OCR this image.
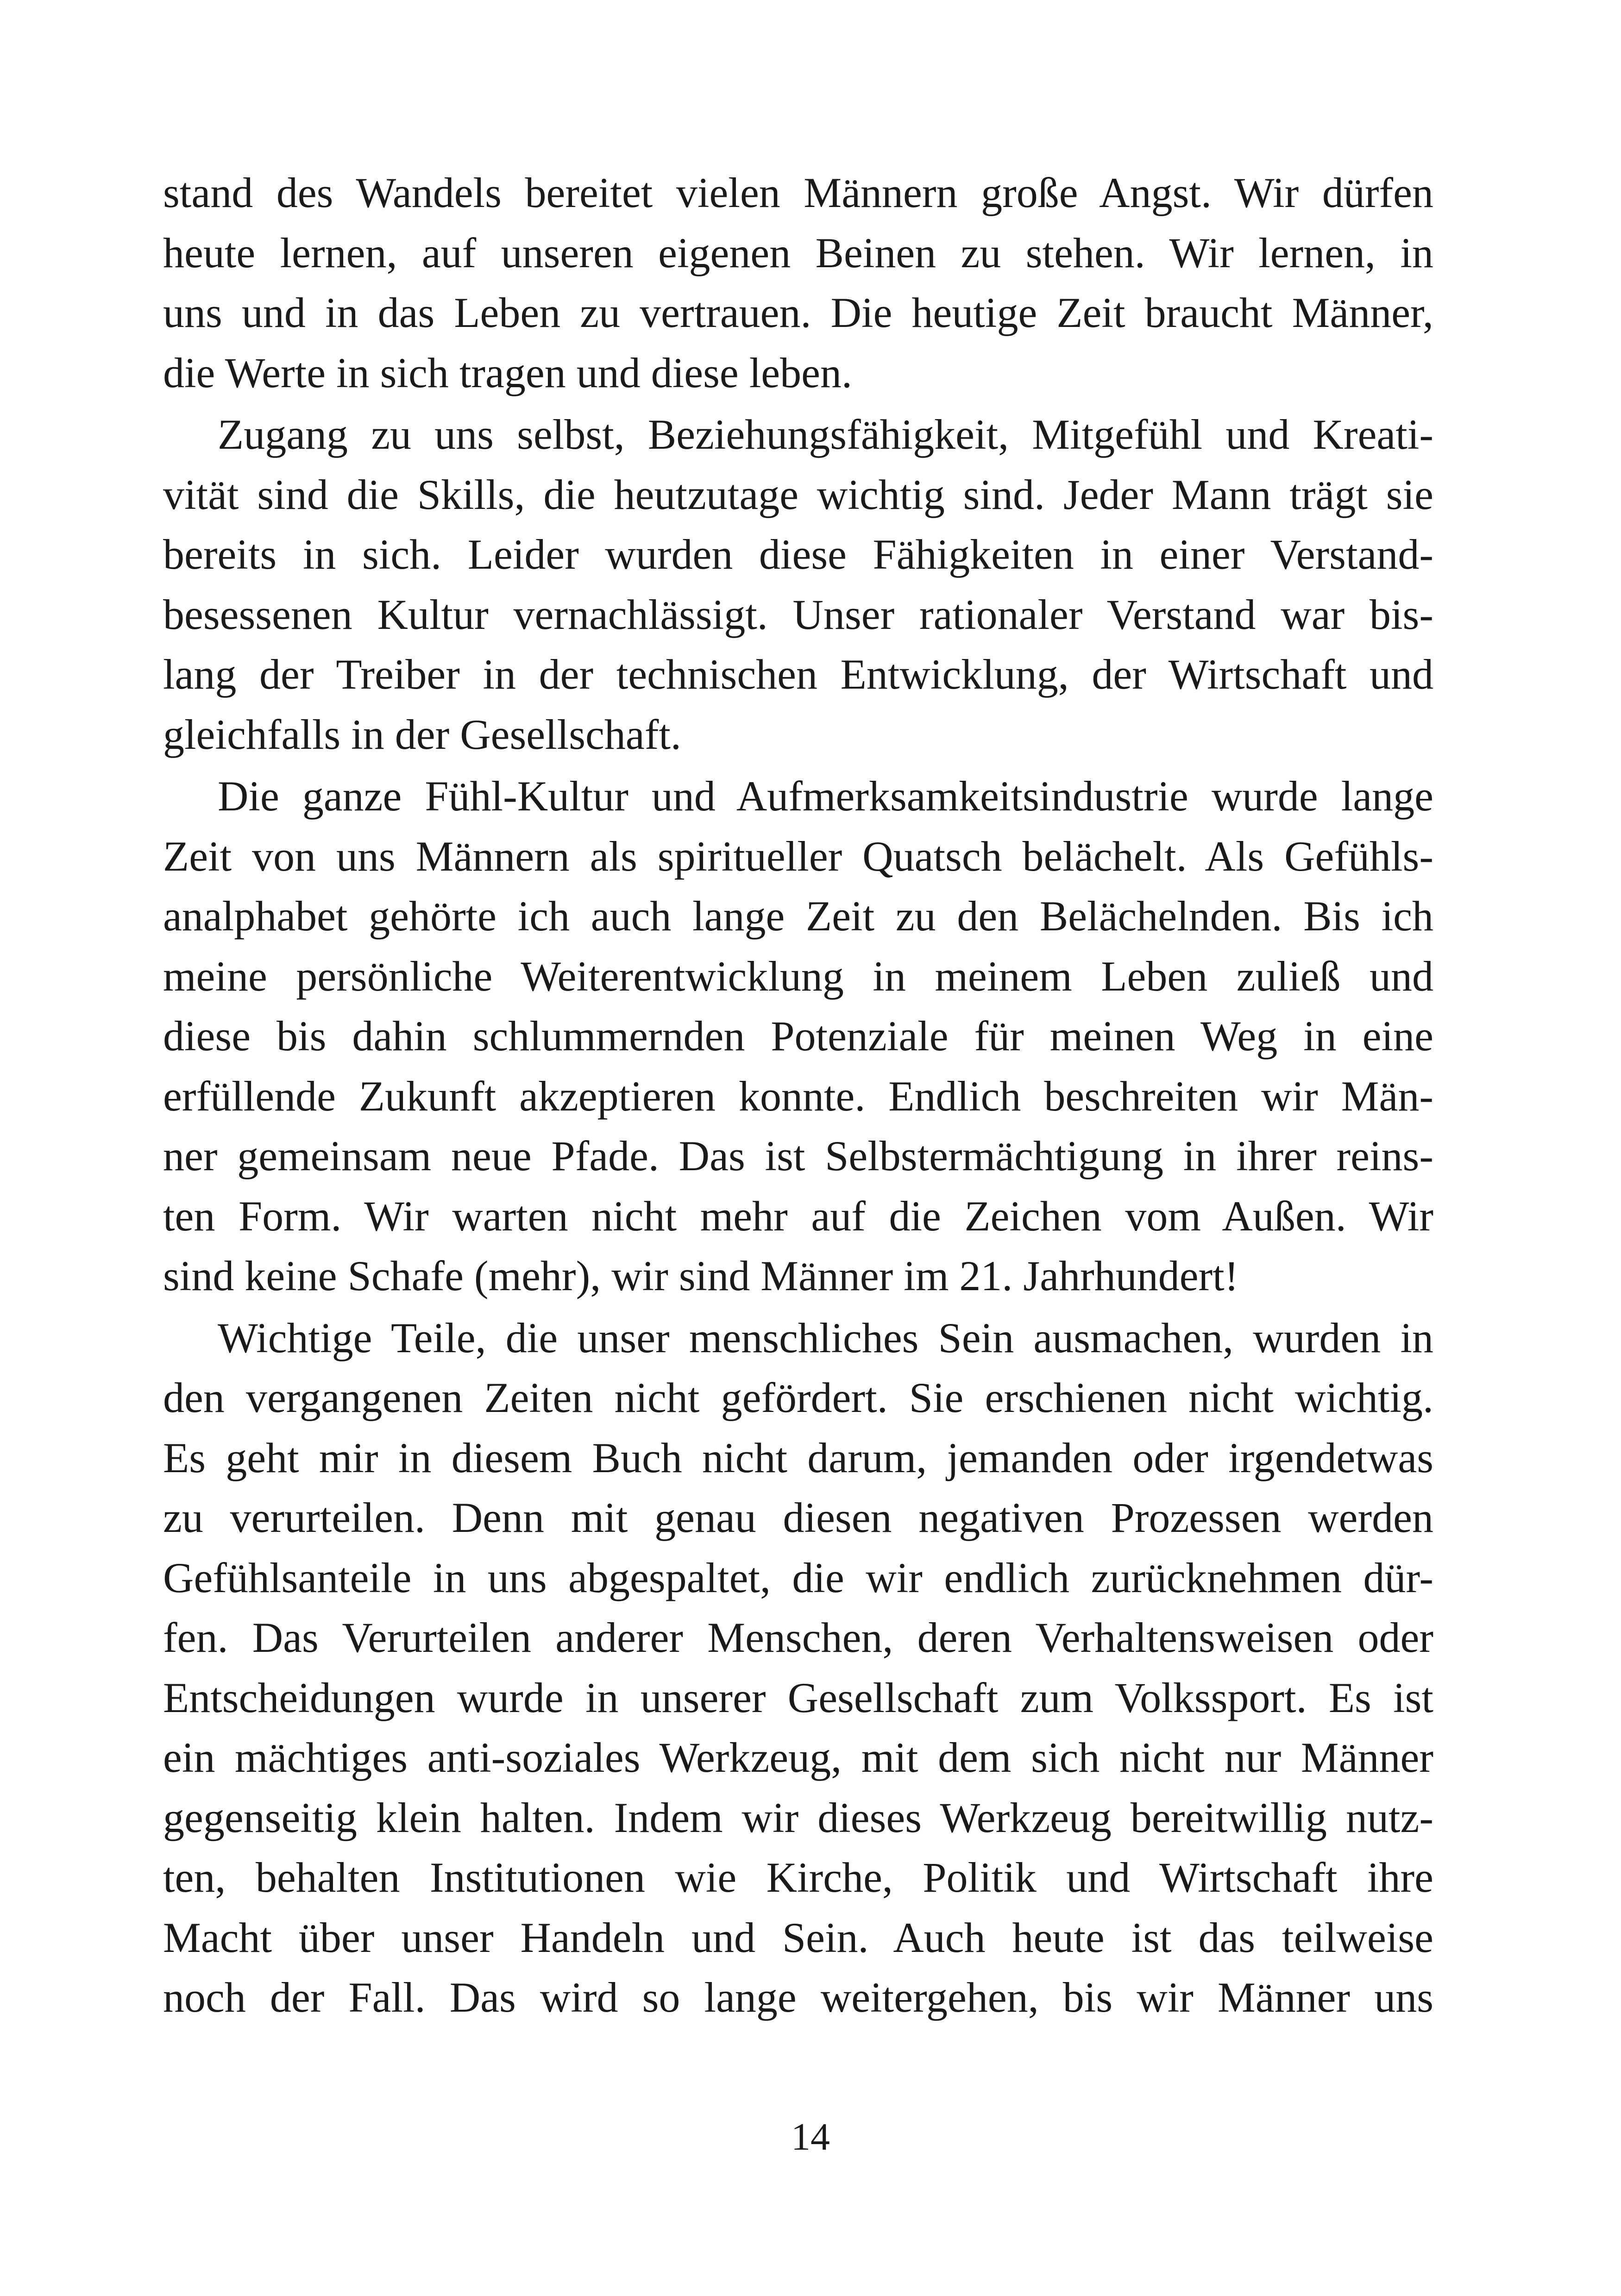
stand des Wandels bereitet vielen Männern große Angst. Wir dürfen
heute lernen, auf unseren eigenen Beinen zu stehen. Wir lernen, in
uns und in das Leben zu vertrauen. Die heutige Zeit braucht Männer,
die Werte in sich tragen und diese leben.
Zugang zu uns selbst, Beziehungsfähigkeit, Mitgefühl und Kreati-
vität sind die Skills, die heutzutage wichtig sind. Jeder Mann trägt sie
bereits in sich. Leider wurden diese Fähigkeiten in einer Verstand-
besessenen Kultur vernachlässigt. Unser rationaler Verstand war bis-
lang der Treiber in der technischen Entwicklung, der Wirtschaft und
gleichfalls in der Gesellschaft.
Die ganze Fühl-Kultur und Aufmerksamkeitsindustrie wurde lange
Zeit von uns Männern als spiritueller Quatsch belächelt. Als Gefühls-
analphabet gehörte ich auch lange Zeit zu den Belächelnden. Bis ich
meine persönliche Weiterentwicklung in meinem Leben zuließ und
diese bis dahin schlummernden Potenziale für meinen Weg in eine
erfüllende Zukunft akzeptieren konnte. Endlich beschreiten wir Män-
ner gemeinsam neue Pfade. Das ist Selbstermächtigung in ihrer reins-
ten Form. Wir warten nicht mehr auf die Zeichen vom Außen. Wir
sind keine Schafe (mehr), wir sind Männer im 21. Jahrhundert!
Wichtige Teile, die unser menschliches Sein ausmachen, wurden in
den vergangenen Zeiten nicht gefördert. Sie erschienen nicht wichtig.
Es geht mir in diesem Buch nicht darum, jemanden oder irgendetwas
zu verurteilen. Denn mit genau diesen negativen Prozessen werden
Gefühlsanteile in uns abgespaltet, die wir endlich zurücknehmen dür-
fen. Das Verurteilen anderer Menschen, deren Verhaltensweisen oder
Entscheidungen wurde in unserer Gesellschaft zum Volkssport. Es ist
ein mächtiges anti-soziales Werkzeug, mit dem sich nicht nur Männer
gegenseitig klein halten. Indem wir dieses Werkzeug bereitwillig nutz-
ten, behalten Institutionen wie Kirche, Politik und Wirtschaft ihre
Macht über unser Handeln und Sein. Auch heute ist das teilweise
noch der Fall. Das wird so lange weitergehen, bis wir Männer uns
14
